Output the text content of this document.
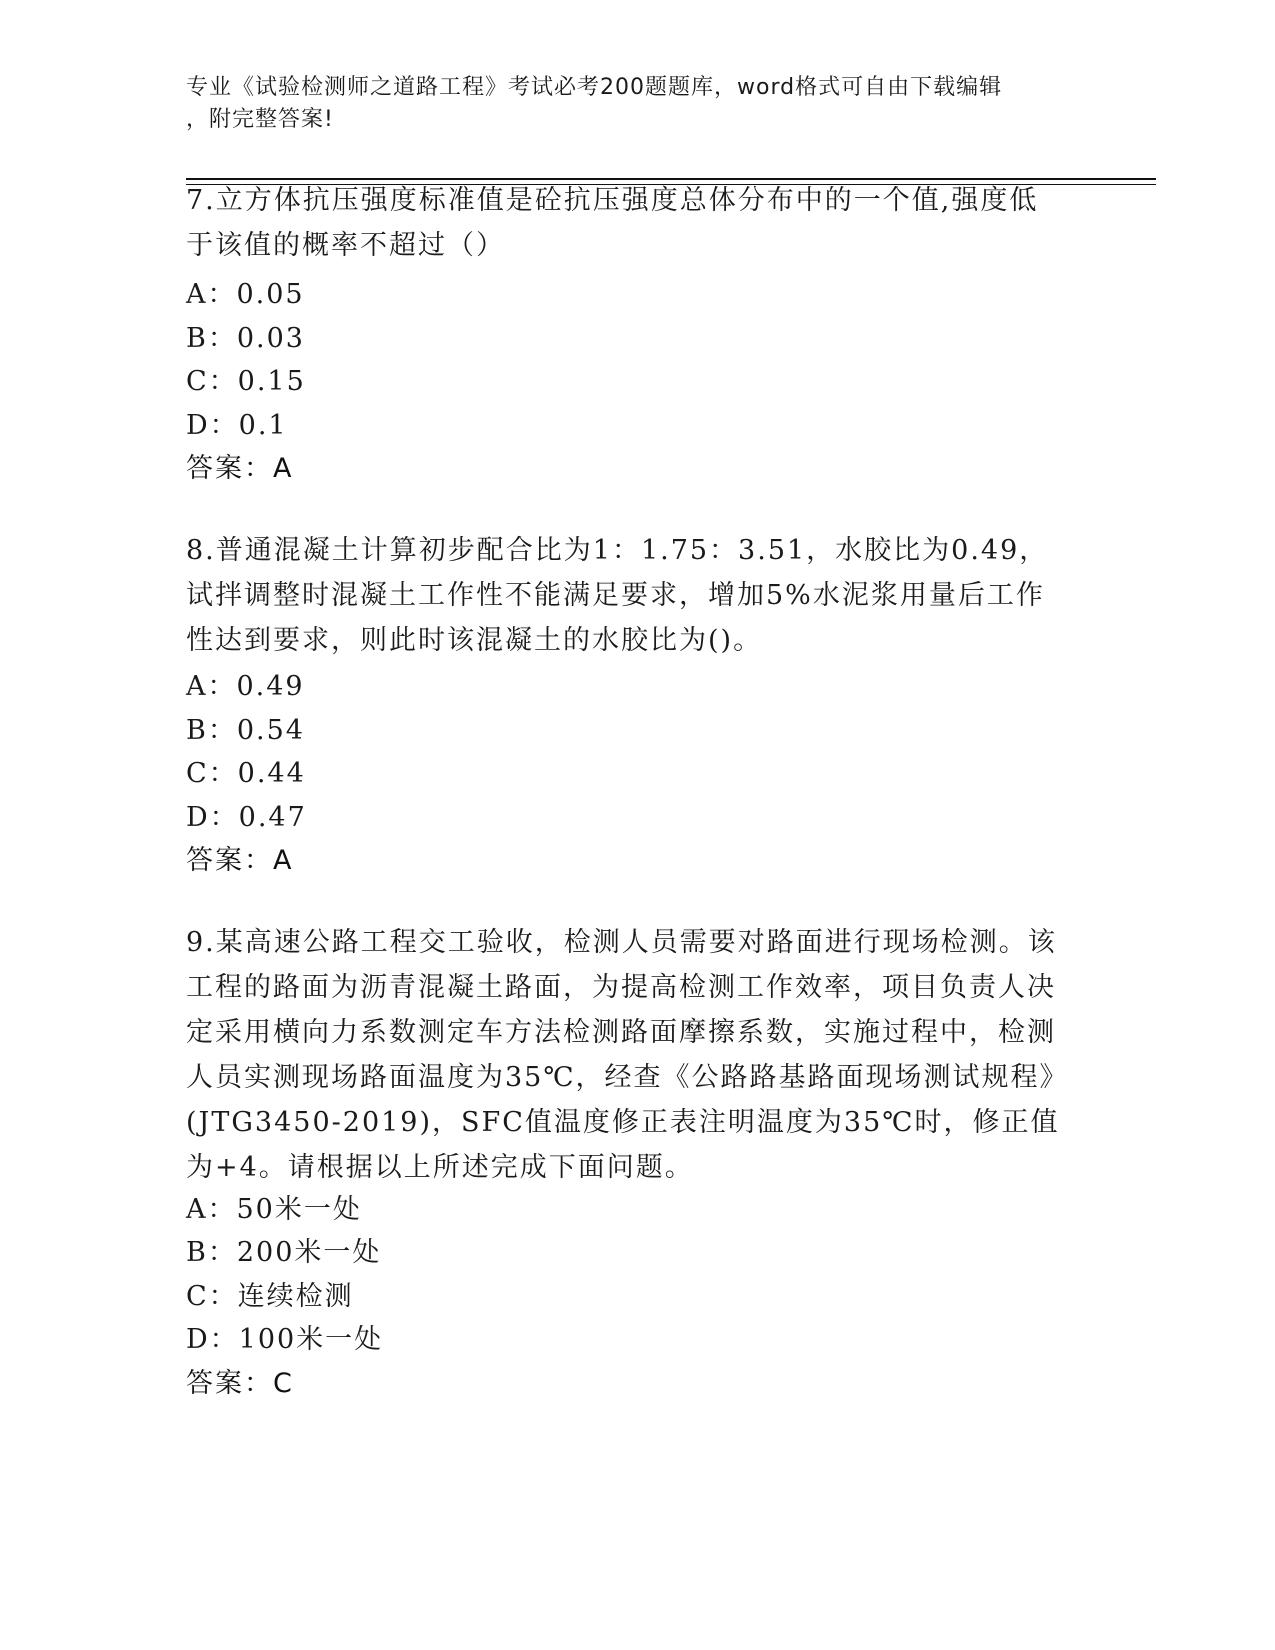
专业《试验检测师之道路工程》考试必考200题题库，word格式可自由下载编辑
，附完整答案!
7.立方体抗压强度标准值是砼抗压强度总体分布中的一个值,强度低于该值的概率不超过（）
A：0.05
B：0.03
C：0.15
D：0.1
答案：A
8.普通混凝土计算初步配合比为1：1.75：3.51，水胶比为0.49，试拌调整时混凝土工作性不能满足要求，增加5%水泥浆用量后工作性达到要求，则此时该混凝土的水胶比为()。
A：0.49
B：0.54
C：0.44
D：0.47
答案：A
9.某高速公路工程交工验收，检测人员需要对路面进行现场检测。该工程的路面为沥青混凝土路面，为提高检测工作效率，项目负责人决定采用横向力系数测定车方法检测路面摩擦系数，实施过程中，检测人员实测现场路面温度为35℃，经查《公路路基路面现场测试规程》(JTG3450-2019)，SFC值温度修正表注明温度为35℃时，修正值为+4。请根据以上所述完成下面问题。
A：50米一处
B：200米一处
C：连续检测
D：100米一处
答案：C
